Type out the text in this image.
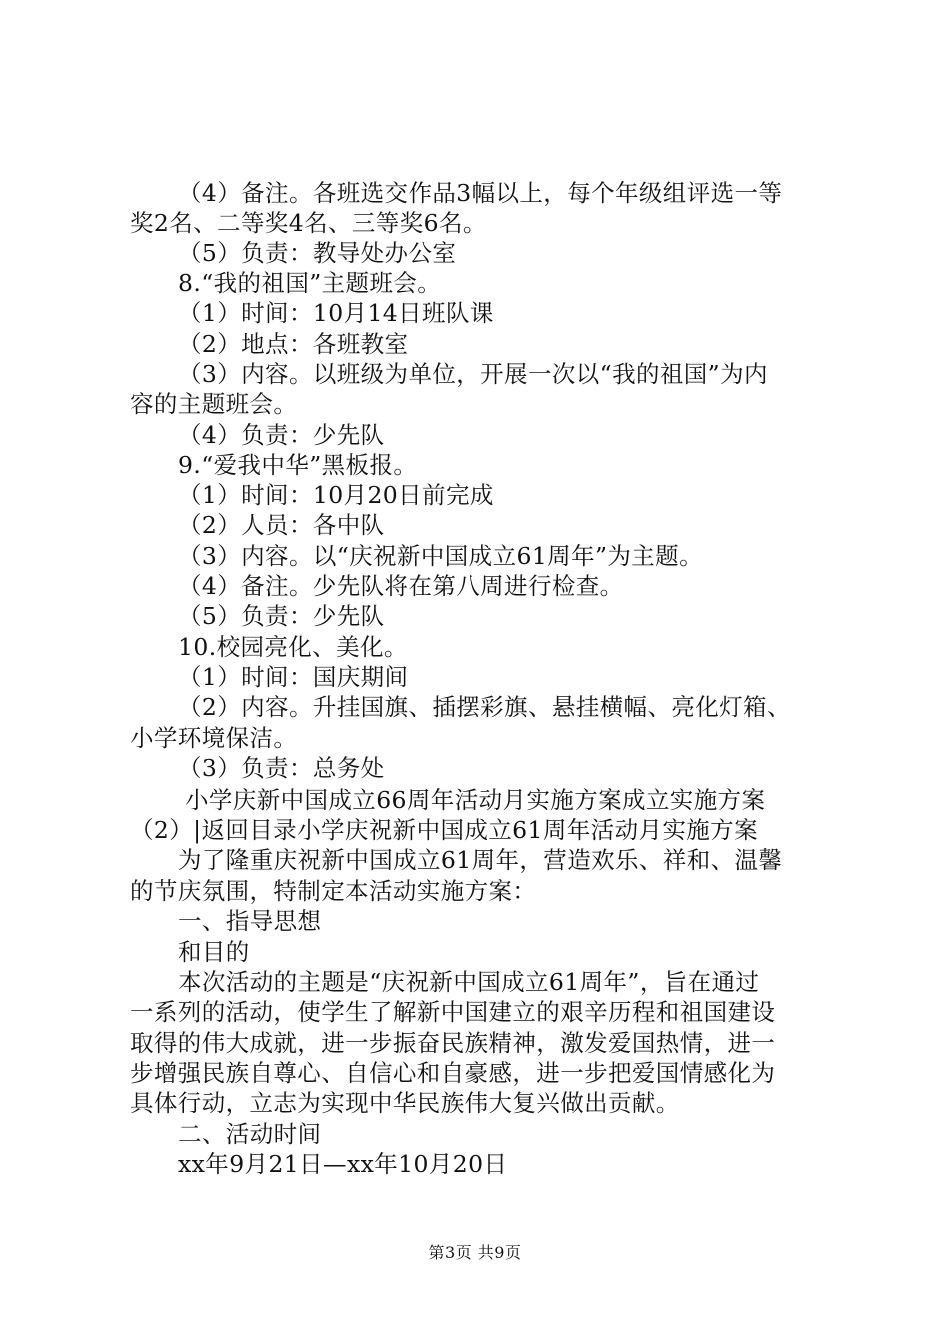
（4）备注。各班选交作品3幅以上，每个年级组评选一等
奖2名、二等奖4名、三等奖6名。
（5）负责：教导处办公室
8.“我的祖国”主题班会。
（1）时间：10月14日班队课
（2）地点：各班教室
（3）内容。以班级为单位，开展一次以“我的祖国”为内
容的主题班会。
（4）负责：少先队
9.“爱我中华”黑板报。
（1）时间：10月20日前完成
（2）人员：各中队
（3）内容。以“庆祝新中国成立61周年”为主题。
（4）备注。少先队将在第八周进行检查。
（5）负责：少先队
10.校园亮化、美化。
（1）时间：国庆期间
（2）内容。升挂国旗、插摆彩旗、悬挂横幅、亮化灯箱、
小学环境保洁。
（3）负责：总务处
小学庆新中国成立66周年活动月实施方案成立实施方案
（2）|返回目录小学庆祝新中国成立61周年活动月实施方案
为了隆重庆祝新中国成立61周年，营造欢乐、祥和、温馨
的节庆氛围，特制定本活动实施方案：
一、指导思想
和目的
本次活动的主题是“庆祝新中国成立61周年”，旨在通过
一系列的活动，使学生了解新中国建立的艰辛历程和祖国建设
取得的伟大成就，进一步振奋民族精神，激发爱国热情，进一
步增强民族自尊心、自信心和自豪感，进一步把爱国情感化为
具体行动，立志为实现中华民族伟大复兴做出贡献。
二、活动时间
xx年9月21日—xx年10月20日
第3页 共9页
